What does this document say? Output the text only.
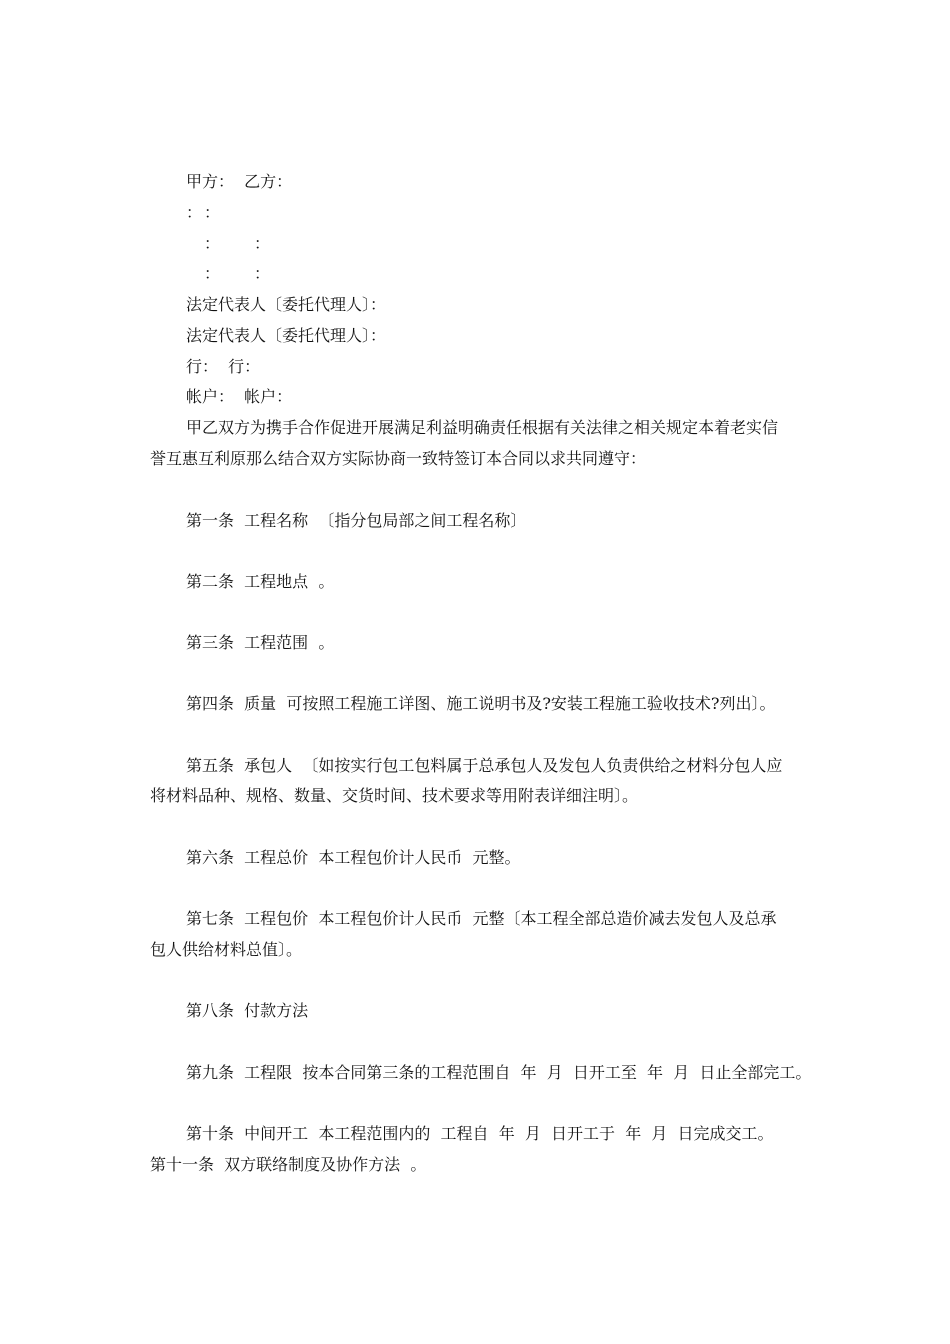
甲方：  乙方：
： ：
： ：
： ：
法定代表人〔委托代理人〕：
法定代表人〔委托代理人〕：
行：  行：
帐户：  帐户：
甲乙双方为携手合作促进开展满足利益明确责任根据有关法律之相关规定本着老实信
誉互惠互利原那么结合双方实际协商一致特签订本合同以求共同遵守：
第一条  工程名称  〔指分包局部之间工程名称〕
第二条  工程地点  。
第三条  工程范围  。
第四条  质量  可按照工程施工详图、施工说明书及?安装工程施工验收技术?列出〕。
第五条  承包人  〔如按实行包工包料属于总承包人及发包人负责供给之材料分包人应
将材料品种、规格、数量、交货时间、技术要求等用附表详细注明〕。
第六条  工程总价  本工程包价计人民币  元整。
第七条  工程包价  本工程包价计人民币  元整〔本工程全部总造价减去发包人及总承
包人供给材料总值〕。
第八条  付款方法
第九条  工程限  按本合同第三条的工程范围自  年  月  日开工至  年  月  日止全部完工。
第十条  中间开工  本工程范围内的  工程自  年  月  日开工于  年  月  日完成交工。
第十一条  双方联络制度及协作方法  。
